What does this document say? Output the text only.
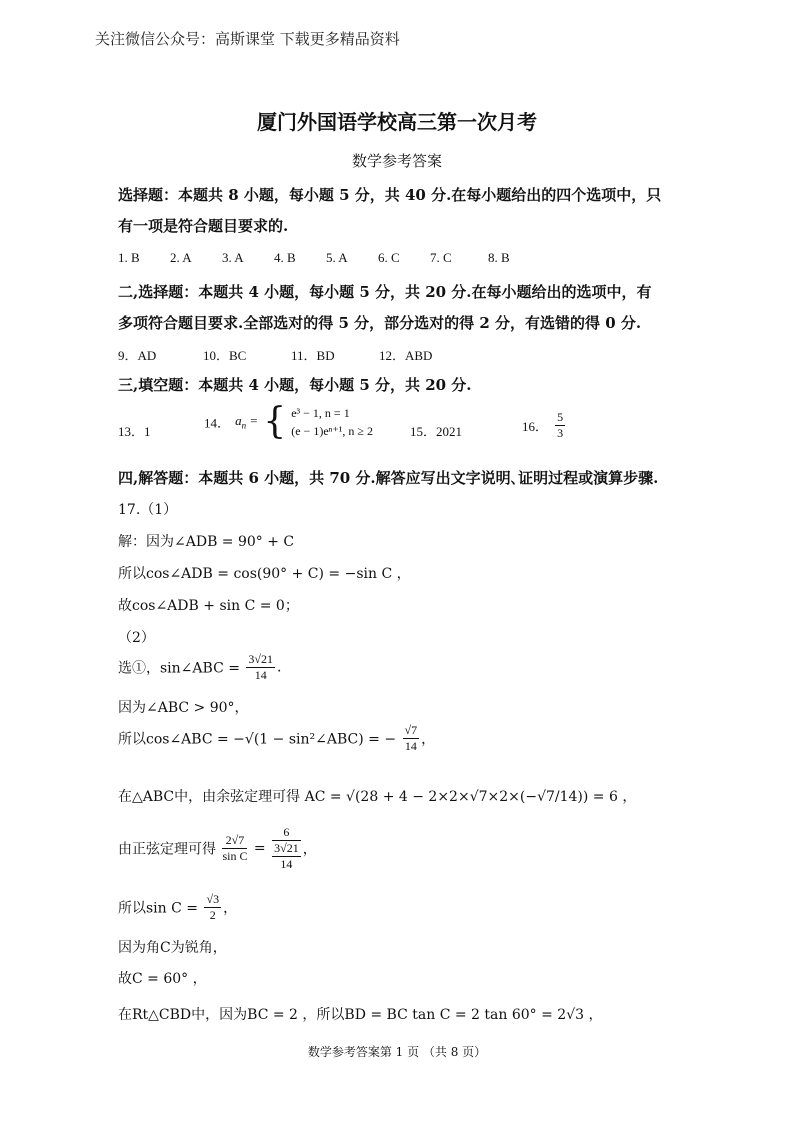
关注微信公众号：高斯课堂 下载更多精品资料
厦门外国语学校高三第一次月考
数学参考答案
选择题：本题共 8 小题，每小题 5 分，共 40 分.在每小题给出的四个选项中，只
有一项是符合题目要求的.
1. B 2. A 3. A 4. B 5. A 6. C 7. C	8. B
二,选择题：本题共 4 小题，每小题 5 分，共 20 分.在每小题给出的选项中，有
多项符合题目要求.全部选对的得 5 分，部分选对的得 2 分，有选错的得 0 分.
9．AD	10．BC	11．BD	12．ABD
三,填空题：本题共 4 小题，每小题 5 分，共 20 分.
13．1
14． $a_n$ = { e³ − 1, n = 1
(e − 1)eⁿ⁺¹, n ≥ 2	15．2021	16． $\frac{5}{3}$
四,解答题：本题共 6 小题，共 70 分.解答应写出文字说明､证明过程或演算步骤.
17.（1）
解：因为∠ADB = 90° + C
所以cos∠ADB = cos(90° + C) = −sin C ，
故cos∠ADB + sin C = 0；
（2）
选①，sin∠ABC = $\frac{3√21}{14}$ .
因为∠ABC > 90°，
所以cos∠ABC = −√(1 − sin²∠ABC) = − $\frac{√7}{14}$ ，
在△ABC中，由余弦定理可得 AC = √(28 + 4 − 2×2×√7×2×(−√7/14)) = 6 ，
由正弦定理可得 $\frac{2√7}{\text{sin C}} = \frac{6}{\frac{3√21}{14}}$ ，
所以$\sin C = \frac{√3}{2}$ ，
因为角C为锐角，
故C = 60° ，
在Rt△CBD中，因为BC = 2 ，所以BD = BC tan C = 2 tan 60° = 2√3 ，
数学参考答案第 1 页 （共 8 页）
